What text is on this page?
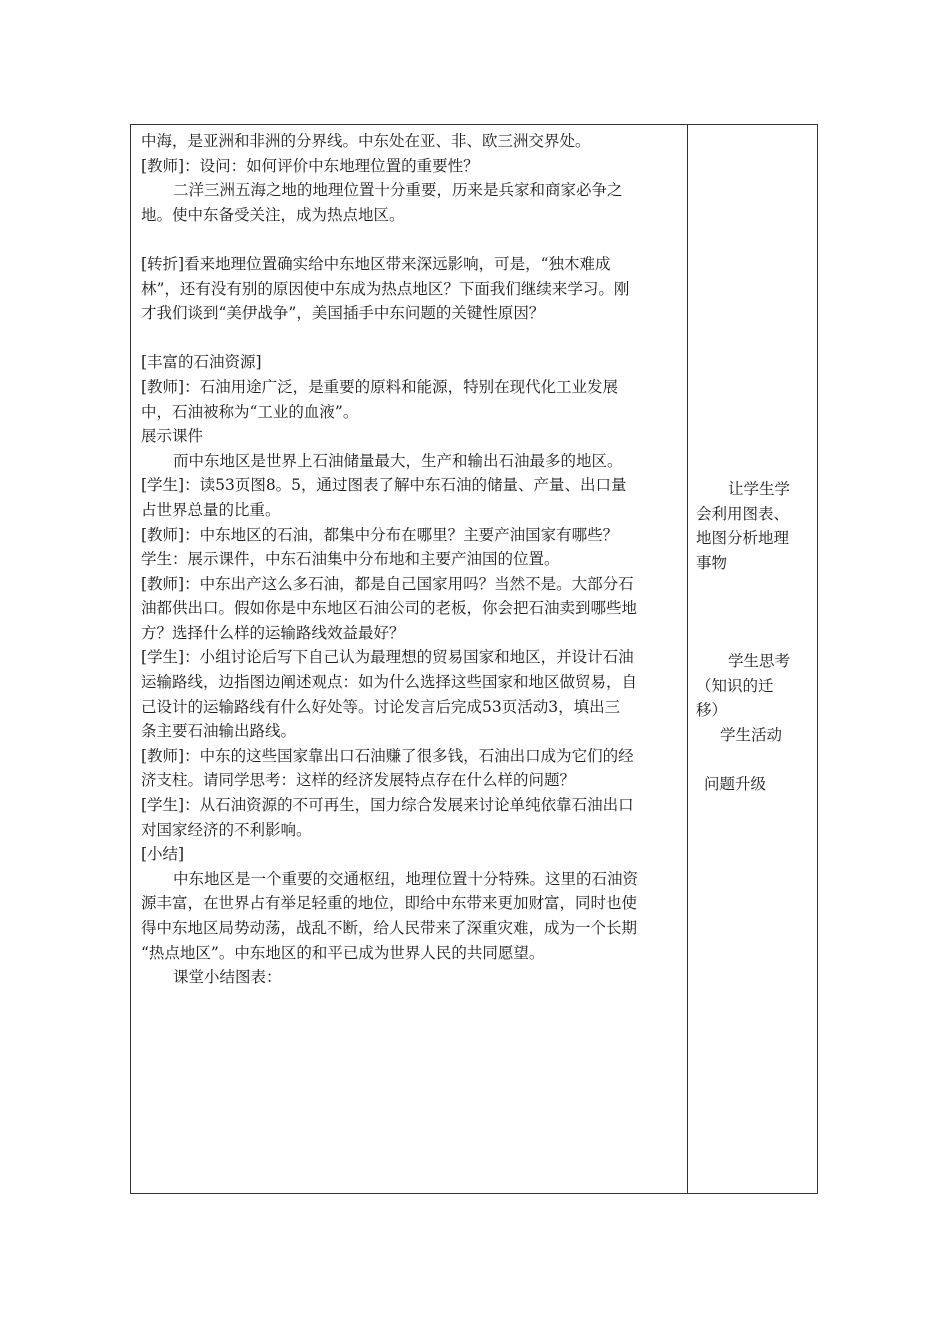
中海，是亚洲和非洲的分界线。中东处在亚、非、欧三洲交界处。
[教师]：设问：如何评价中东地理位置的重要性？
二洋三洲五海之地的地理位置十分重要，历来是兵家和商家必争之
地。使中东备受关注，成为热点地区。
[转折]看来地理位置确实给中东地区带来深远影响，可是，“独木难成
林”，还有没有别的原因使中东成为热点地区？下面我们继续来学习。刚
才我们谈到“美伊战争”，美国插手中东问题的关键性原因？
[丰富的石油资源]
[教师]：石油用途广泛，是重要的原料和能源，特别在现代化工业发展
中，石油被称为“工业的血液”。
展示课件
而中东地区是世界上石油储量最大，生产和输出石油最多的地区。
[学生]：读53页图8。5，通过图表了解中东石油的储量、产量、出口量
占世界总量的比重。
[教师]：中东地区的石油，都集中分布在哪里？主要产油国家有哪些？
学生：展示课件，中东石油集中分布地和主要产油国的位置。
[教师]：中东出产这么多石油，都是自己国家用吗？当然不是。大部分石
油都供出口。假如你是中东地区石油公司的老板，你会把石油卖到哪些地
方？选择什么样的运输路线效益最好？
[学生]：小组讨论后写下自己认为最理想的贸易国家和地区，并设计石油
运输路线，边指图边阐述观点：如为什么选择这些国家和地区做贸易，自
己设计的运输路线有什么好处等。讨论发言后完成53页活动3，填出三
条主要石油输出路线。
[教师]：中东的这些国家靠出口石油赚了很多钱，石油出口成为它们的经
济支柱。请同学思考：这样的经济发展特点存在什么样的问题？
[学生]：从石油资源的不可再生，国力综合发展来讨论单纯依靠石油出口
对国家经济的不利影响。
[小结]
中东地区是一个重要的交通枢纽，地理位置十分特殊。这里的石油资
源丰富，在世界占有举足轻重的地位，即给中东带来更加财富，同时也使
得中东地区局势动荡，战乱不断，给人民带来了深重灾难，成为一个长期
“热点地区”。中东地区的和平已成为世界人民的共同愿望。
课堂小结图表：
让学生学
会利用图表、
地图分析地理
事物
学生思考
（知识的迁
移）
学生活动
问题升级
